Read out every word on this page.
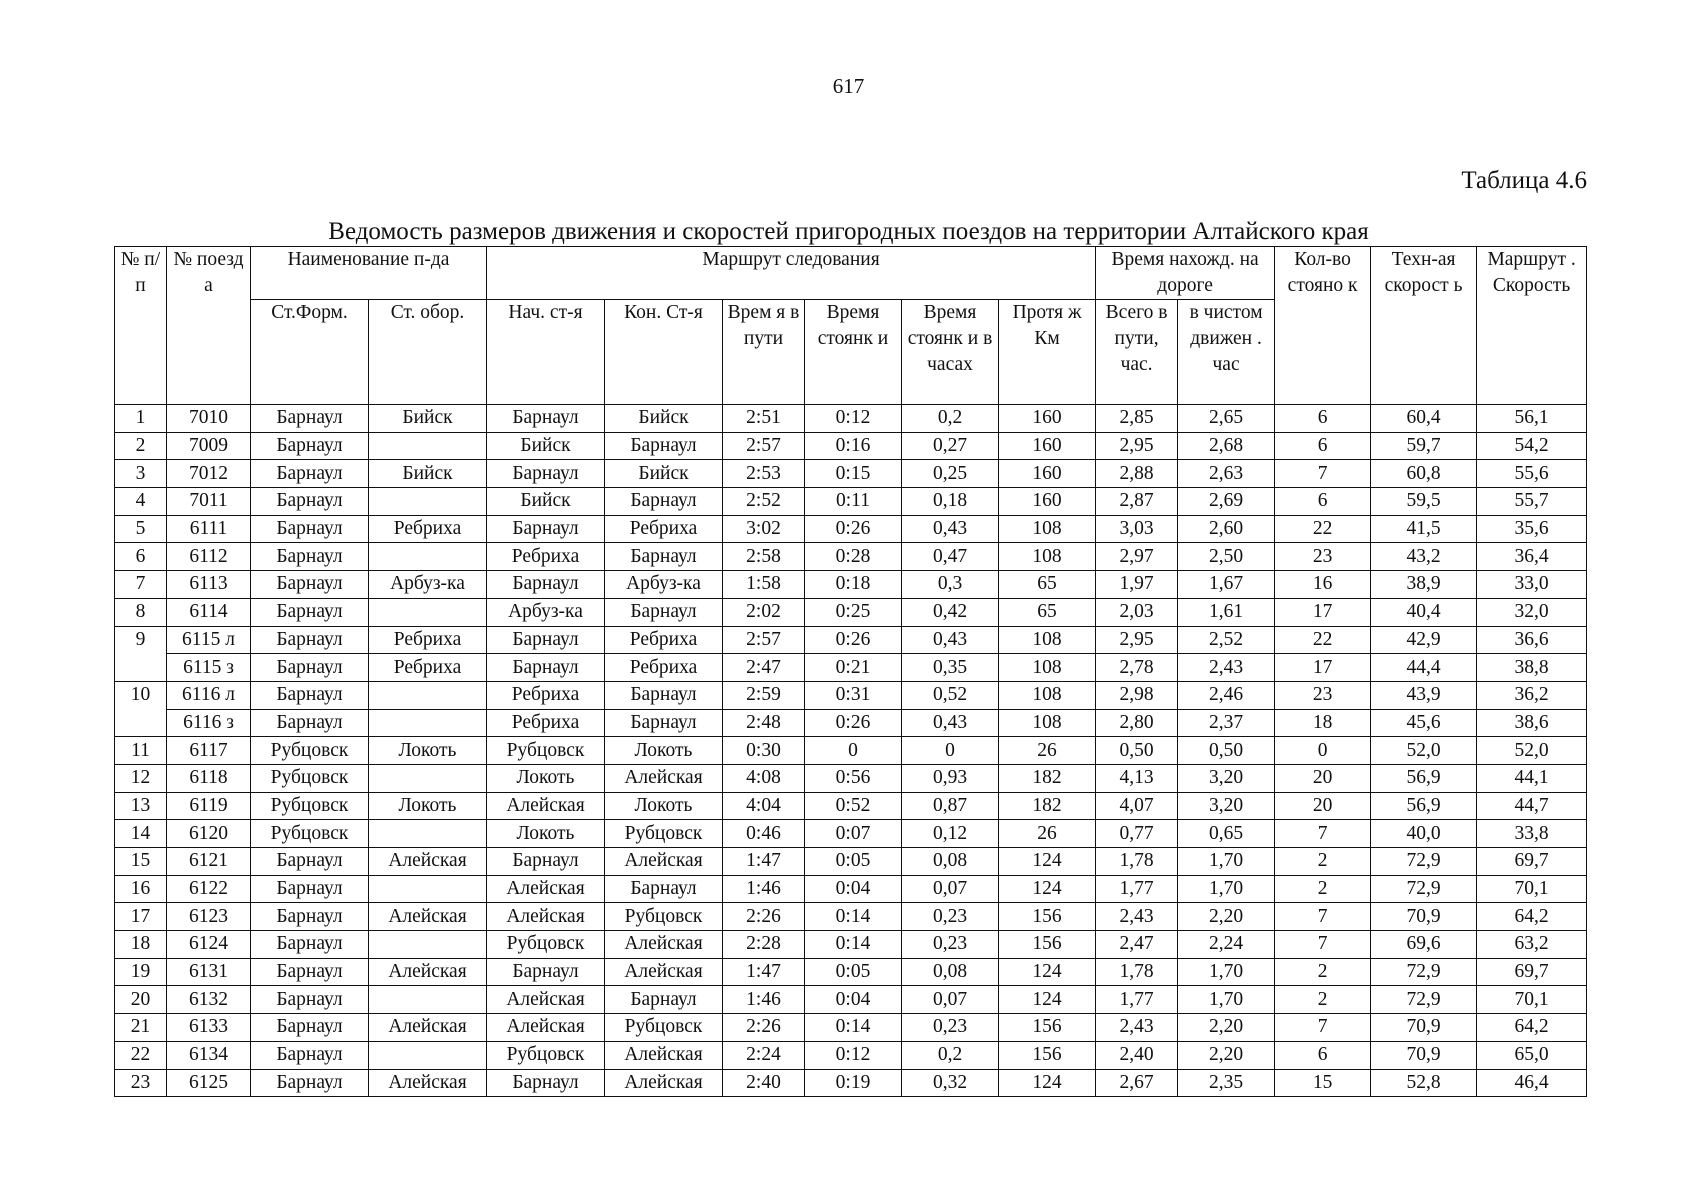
617
Таблица 4.6
Ведомость размеров движения и скоростей пригородных поездов на территории Алтайского края
№ п/п	№ поезд а	Наименование п-да		Маршрут следования						Время нахожд. на дороге		Кол-во стояно к	Техн-ая скорост ь	Маршрут . Скорость
		Ст.Форм.	Ст. обор.	Нач. ст-я	Кон. Ст-я	Врем я в пути	Время стоянк и	Время стоянк и в часах	Протя ж Км	Всего в пути, час.	в чистом движен . час			
1	7010	Барнаул	Бийск	Барнаул	Бийск	2:51	0:12	0,2	160	2,85	2,65	6	60,4	56,1
2	7009	Барнаул		Бийск	Барнаул	2:57	0:16	0,27	160	2,95	2,68	6	59,7	54,2
3	7012	Барнаул	Бийск	Барнаул	Бийск	2:53	0:15	0,25	160	2,88	2,63	7	60,8	55,6
4	7011	Барнаул		Бийск	Барнаул	2:52	0:11	0,18	160	2,87	2,69	6	59,5	55,7
5	6111	Барнаул	Ребриха	Барнаул	Ребриха	3:02	0:26	0,43	108	3,03	2,60	22	41,5	35,6
6	6112	Барнаул		Ребриха	Барнаул	2:58	0:28	0,47	108	2,97	2,50	23	43,2	36,4
7	6113	Барнаул	Арбуз-ка	Барнаул	Арбуз-ка	1:58	0:18	0,3	65	1,97	1,67	16	38,9	33,0
8	6114	Барнаул		Арбуз-ка	Барнаул	2:02	0:25	0,42	65	2,03	1,61	17	40,4	32,0
9	6115 л	Барнаул	Ребриха	Барнаул	Ребриха	2:57	0:26	0,43	108	2,95	2,52	22	42,9	36,6
	6115 з	Барнаул	Ребриха	Барнаул	Ребриха	2:47	0:21	0,35	108	2,78	2,43	17	44,4	38,8
10	6116 л	Барнаул		Ребриха	Барнаул	2:59	0:31	0,52	108	2,98	2,46	23	43,9	36,2
	6116 з	Барнаул		Ребриха	Барнаул	2:48	0:26	0,43	108	2,80	2,37	18	45,6	38,6
11	6117	Рубцовск	Локоть	Рубцовск	Локоть	0:30	0	0	26	0,50	0,50	0	52,0	52,0
12	6118	Рубцовск		Локоть	Алейская	4:08	0:56	0,93	182	4,13	3,20	20	56,9	44,1
13	6119	Рубцовск	Локоть	Алейская	Локоть	4:04	0:52	0,87	182	4,07	3,20	20	56,9	44,7
14	6120	Рубцовск		Локоть	Рубцовск	0:46	0:07	0,12	26	0,77	0,65	7	40,0	33,8
15	6121	Барнаул	Алейская	Барнаул	Алейская	1:47	0:05	0,08	124	1,78	1,70	2	72,9	69,7
16	6122	Барнаул		Алейская	Барнаул	1:46	0:04	0,07	124	1,77	1,70	2	72,9	70,1
17	6123	Барнаул	Алейская	Алейская	Рубцовск	2:26	0:14	0,23	156	2,43	2,20	7	70,9	64,2
18	6124	Барнаул		Рубцовск	Алейская	2:28	0:14	0,23	156	2,47	2,24	7	69,6	63,2
19	6131	Барнаул	Алейская	Барнаул	Алейская	1:47	0:05	0,08	124	1,78	1,70	2	72,9	69,7
20	6132	Барнаул		Алейская	Барнаул	1:46	0:04	0,07	124	1,77	1,70	2	72,9	70,1
21	6133	Барнаул	Алейская	Алейская	Рубцовск	2:26	0:14	0,23	156	2,43	2,20	7	70,9	64,2
22	6134	Барнаул		Рубцовск	Алейская	2:24	0:12	0,2	156	2,40	2,20	6	70,9	65,0
23	6125	Барнаул	Алейская	Барнаул	Алейская	2:40	0:19	0,32	124	2,67	2,35	15	52,8	46,4
